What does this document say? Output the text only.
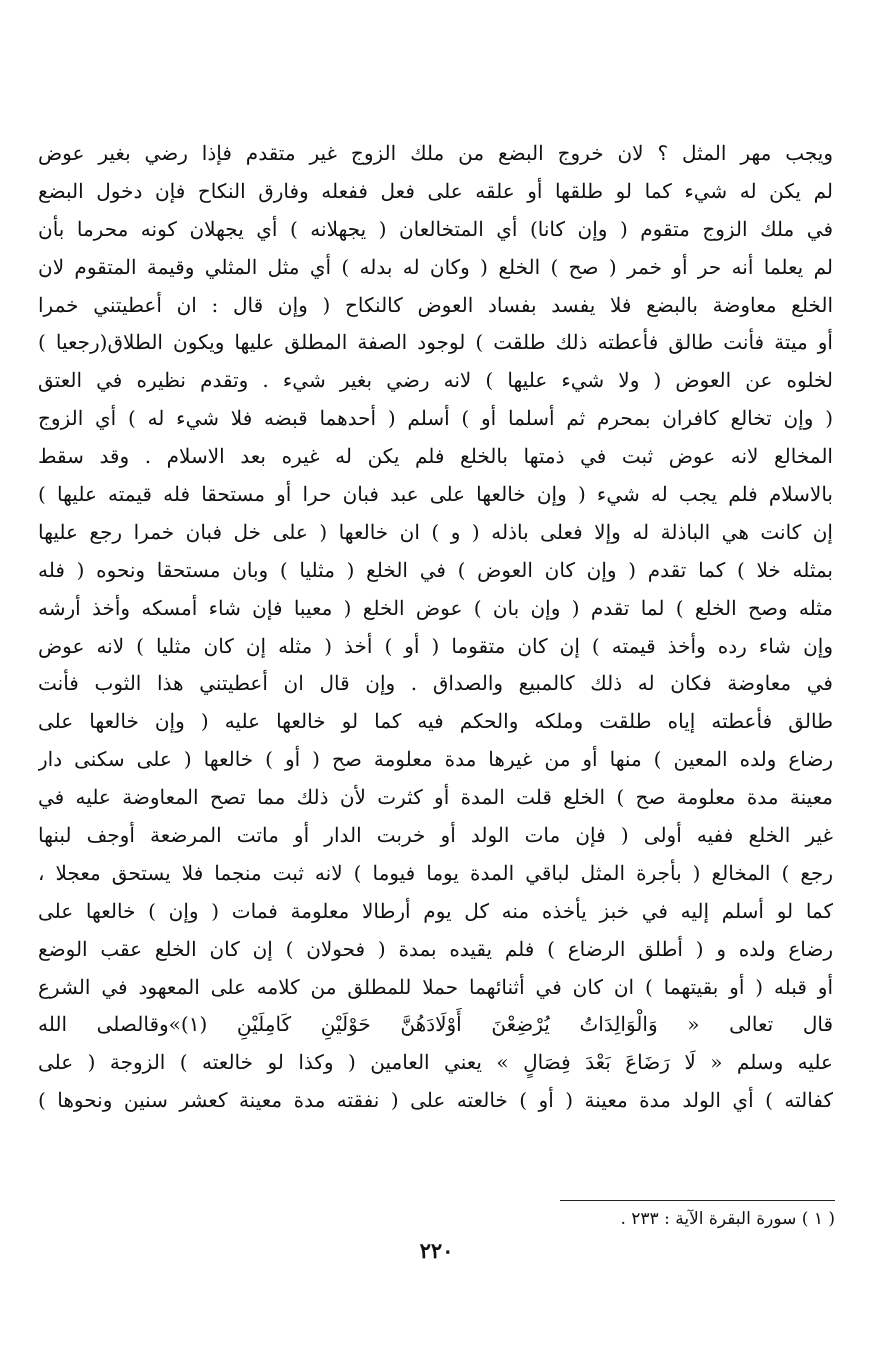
ويجب مهر المثل ؟ لان خروج البضع من ملك الزوج غير متقدم فإذا رضي بغير عوض
لم يكن له شيء كما لو طلقها أو علقه على فعل ففعله وفارق النكاح فإن دخول البضع
في ملك الزوج متقوم ( وإن كانا) أي المتخالعان ( يجهلانه ) أي يجهلان كونه محرما بأن
لم يعلما أنه حر أو خمر ( صح ) الخلع ( وكان له بدله ) أي مثل المثلي وقيمة المتقوم لان
الخلع معاوضة بالبضع فلا يفسد بفساد العوض كالنكاح ( وإن قال : ان أعطيتني خمرا
أو ميتة فأنت طالق فأعطته ذلك طلقت ) لوجود الصفة المطلق عليها ويكون الطلاق(رجعيا )
لخلوه عن العوض ( ولا شيء عليها ) لانه رضي بغير شيء . وتقدم نظيره في العتق
( وإن تخالع كافران بمحرم ثم أسلما أو ) أسلم ( أحدهما قبضه فلا شيء له ) أي الزوج
المخالع لانه عوض ثبت في ذمتها بالخلع فلم يكن له غيره بعد الاسلام . وقد سقط
بالاسلام فلم يجب له شيء ( وإن خالعها على عبد فبان حرا أو مستحقا فله قيمته عليها )
إن كانت هي الباذلة له وإلا فعلى باذله ( و ) ان خالعها ( على خل فبان خمرا رجع عليها
بمثله خلا ) كما تقدم ( وإن كان العوض ) في الخلع ( مثليا ) وبان مستحقا ونحوه ( فله
مثله وصح الخلع ) لما تقدم ( وإن بان ) عوض الخلع ( معيبا فإن شاء أمسكه وأخذ أرشه
وإن شاء رده وأخذ قيمته ) إن كان متقوما ( أو ) أخذ ( مثله إن كان مثليا ) لانه عوض
في معاوضة فكان له ذلك كالمبيع والصداق . وإن قال ان أعطيتني هذا الثوب فأنت
طالق فأعطته إياه طلقت وملكه والحكم فيه كما لو خالعها عليه ( وإن خالعها على
رضاع ولده المعين ) منها أو من غيرها مدة معلومة صح ( أو ) خالعها ( على سكنى دار
معينة مدة معلومة صح ) الخلع قلت المدة أو كثرت لأن ذلك مما تصح المعاوضة عليه في
غير الخلع ففيه أولى ( فإن مات الولد أو خربت الدار أو ماتت المرضعة أوجف لبنها
رجع ) المخالع ( بأجرة المثل لباقي المدة يوما فيوما ) لانه ثبت منجما فلا يستحق معجلا ،
كما لو أسلم إليه في خبز يأخذه منه كل يوم أرطالا معلومة فمات ( وإن ) خالعها على
رضاع ولده و ( أطلق الرضاع ) فلم يقيده بمدة ( فحولان ) إن كان الخلع عقب الوضع
أو قبله ( أو بقيتهما ) ان كان في أثنائهما حملا للمطلق من كلامه على المعهود في الشرع
قال تعالى « وَالْوَالِدَاتُ يُرْضِعْنَ أَوْلَادَهُنَّ حَوْلَيْنِ كَامِلَيْنِ (١)»وقالصلى الله
عليه وسلم « لَا رَضَاعَ بَعْدَ فِصَالٍ » يعني العامين ( وكذا لو خالعته ) الزوجة ( على
كفالته ) أي الولد مدة معينة ( أو ) خالعته على ( نفقته مدة معينة كعشر سنين ونحوها )
( ١ ) سورة البقرة الآية : ٢٣٣ .
٢٢٠
